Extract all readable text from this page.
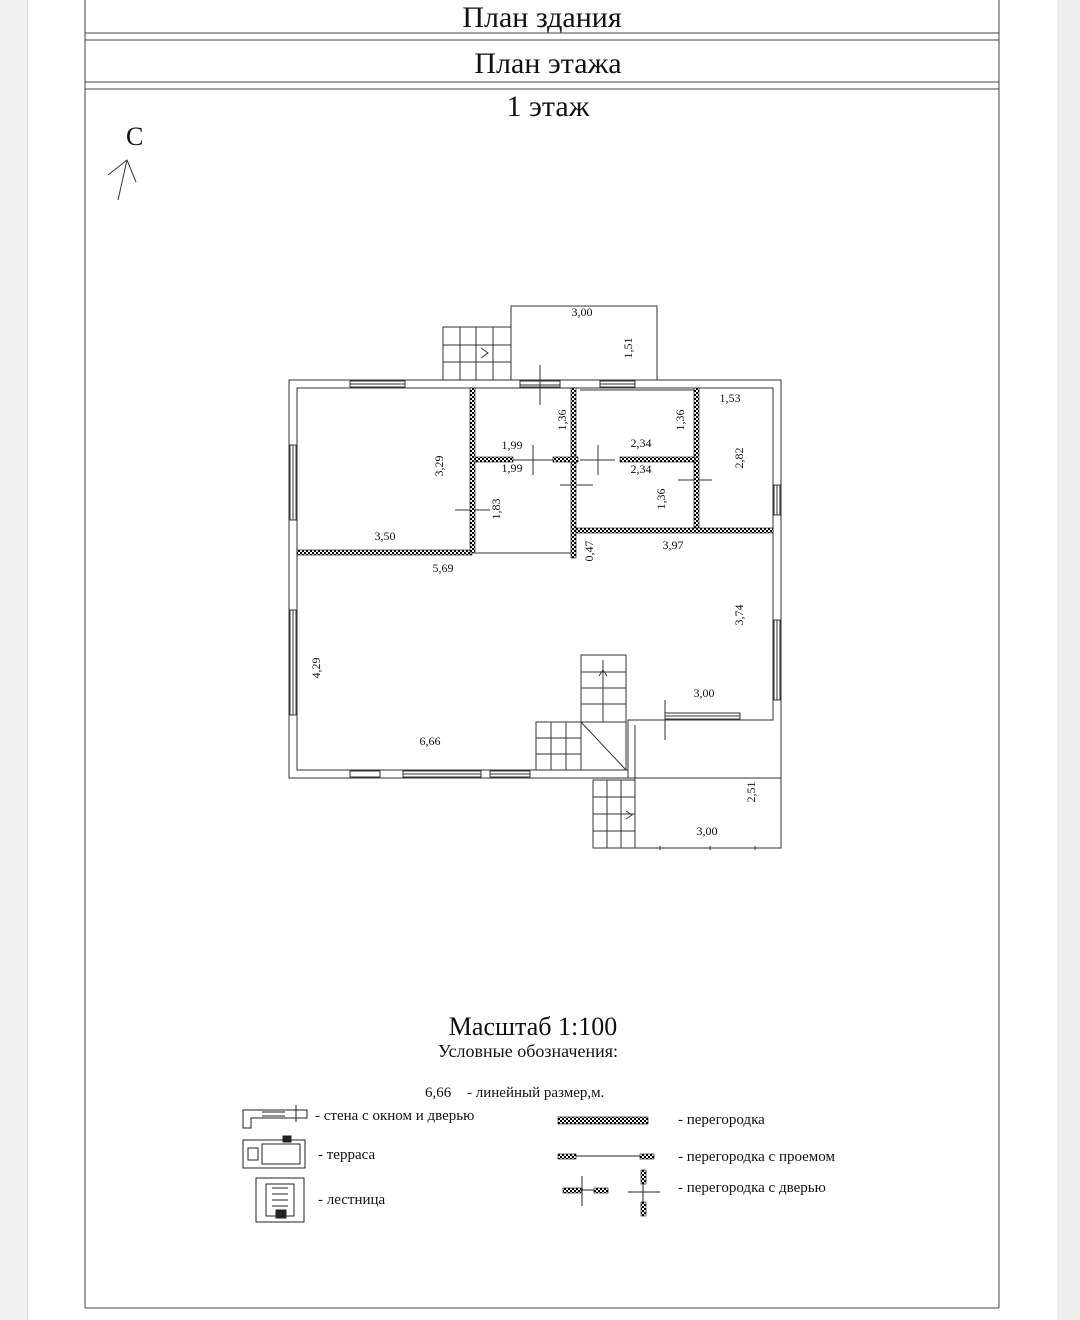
План здания
План этажа
1 этаж
С
3,00
1,51
3,29
3,50
5,69
1,99
1,99
1,36	1,36
2,34
2,34
1,83	1,36
1,53
2,82
0,47	3,97
3,74
4,29
6,66
3,00
2,51
3,00
Масштаб 1:100
Условные обозначения:
6,66 - линейный размер,м.
- стена с окном и дверью
- терраса
- лестница
- перегородка
- перегородка с проемом
- перегородка с дверью
